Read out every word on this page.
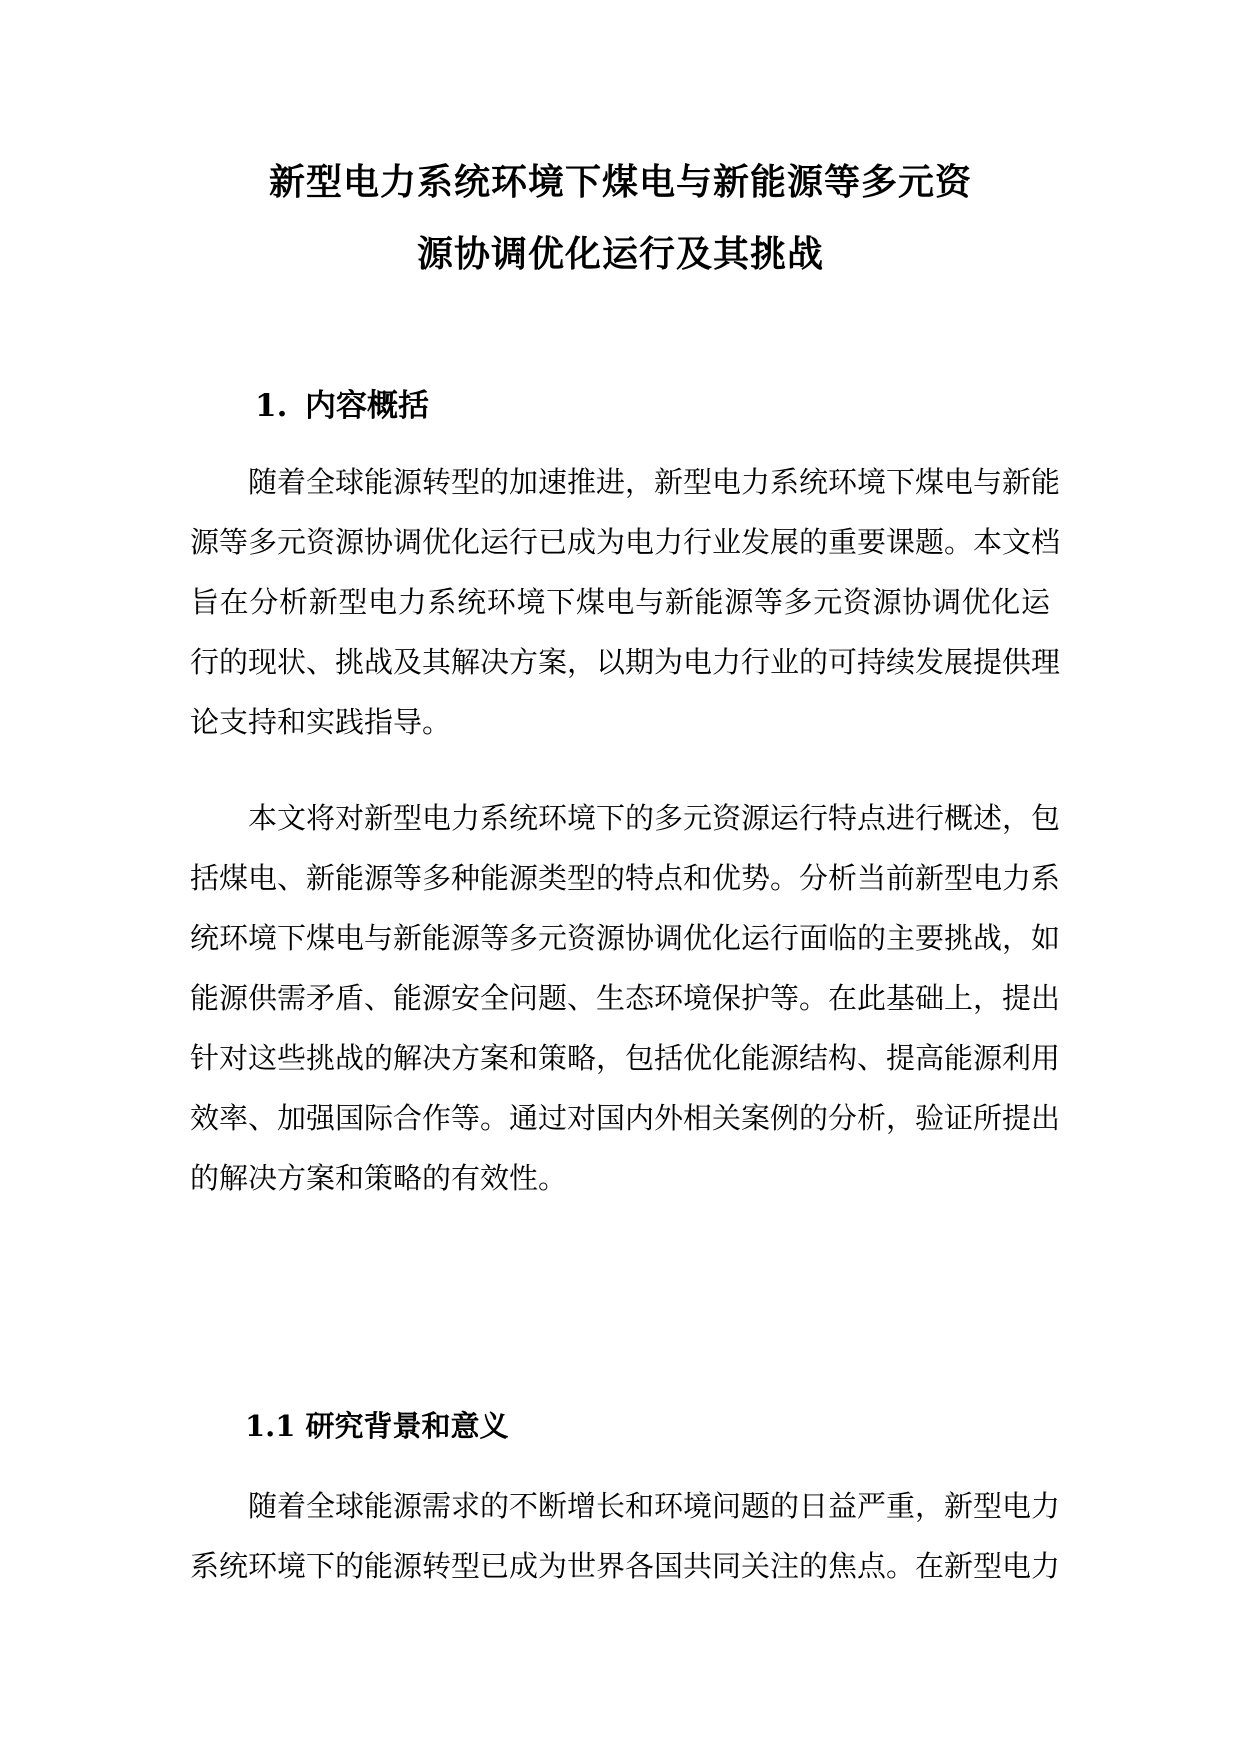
新型电力系统环境下煤电与新能源等多元资
源协调优化运行及其挑战
1. 内容概括
随着全球能源转型的加速推进，新型电力系统环境下煤电与新能
源等多元资源协调优化运行已成为电力行业发展的重要课题。本文档
旨在分析新型电力系统环境下煤电与新能源等多元资源协调优化运
行的现状、挑战及其解决方案，以期为电力行业的可持续发展提供理
论支持和实践指导。
本文将对新型电力系统环境下的多元资源运行特点进行概述，包
括煤电、新能源等多种能源类型的特点和优势。分析当前新型电力系
统环境下煤电与新能源等多元资源协调优化运行面临的主要挑战，如
能源供需矛盾、能源安全问题、生态环境保护等。在此基础上，提出
针对这些挑战的解决方案和策略，包括优化能源结构、提高能源利用
效率、加强国际合作等。通过对国内外相关案例的分析，验证所提出
的解决方案和策略的有效性。
1.1 研究背景和意义
随着全球能源需求的不断增长和环境问题的日益严重，新型电力
系统环境下的能源转型已成为世界各国共同关注的焦点。在新型电力
